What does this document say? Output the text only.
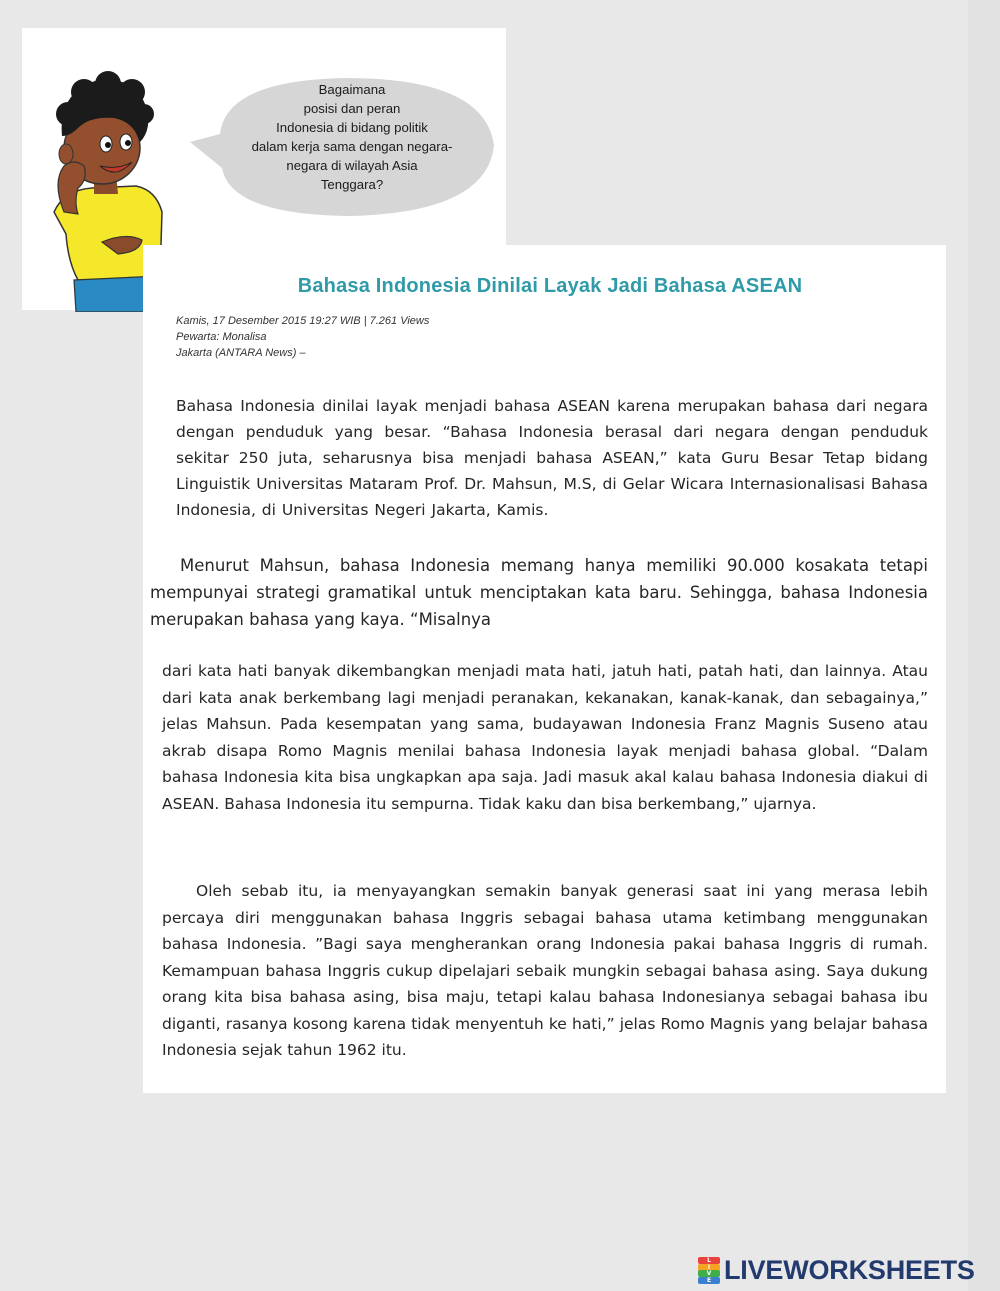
Bagaimana
posisi dan peran
Indonesia di bidang politik
dalam kerja sama dengan negara-
negara di wilayah Asia
Tenggara?
Bahasa Indonesia Dinilai Layak Jadi Bahasa ASEAN
Kamis, 17 Desember 2015 19:27 WIB | 7.261 Views
Pewarta: Monalisa
Jakarta (ANTARA News) –
Bahasa Indonesia dinilai layak menjadi bahasa ASEAN karena merupakan bahasa dari negara dengan penduduk yang besar. “Bahasa Indonesia berasal dari negara dengan penduduk sekitar 250 juta, seharusnya bisa menjadi bahasa ASEAN,” kata Guru Besar Tetap bidang Linguistik Universitas Mataram Prof. Dr. Mahsun, M.S, di Gelar Wicara Internasionalisasi Bahasa Indonesia, di Universitas Negeri Jakarta, Kamis.
Menurut Mahsun, bahasa Indonesia memang hanya memiliki 90.000 kosakata tetapi mempunyai strategi gramatikal untuk menciptakan kata baru. Sehingga, bahasa Indonesia merupakan bahasa yang kaya. “Misalnya
dari kata hati banyak dikembangkan menjadi mata hati, jatuh hati, patah hati, dan lainnya. Atau dari kata anak berkembang lagi menjadi peranakan, kekanakan, kanak-kanak, dan sebagainya,” jelas Mahsun. Pada kesempatan yang sama, budayawan Indonesia Franz Magnis Suseno atau akrab disapa Romo Magnis menilai bahasa Indonesia layak menjadi bahasa global. “Dalam bahasa Indonesia kita bisa ungkapkan apa saja. Jadi masuk akal kalau bahasa Indonesia diakui di ASEAN. Bahasa Indonesia itu sempurna. Tidak kaku dan bisa berkembang,” ujarnya.
Oleh sebab itu, ia menyayangkan semakin banyak generasi saat ini yang merasa lebih percaya diri menggunakan bahasa Inggris sebagai bahasa utama ketimbang menggunakan bahasa Indonesia. ”Bagi saya mengherankan orang Indonesia pakai bahasa Inggris di rumah. Kemampuan bahasa Inggris cukup dipelajari sebaik mungkin sebagai bahasa asing. Saya dukung orang kita bisa bahasa asing, bisa maju, tetapi kalau bahasa Indonesianya sebagai bahasa ibu diganti, rasanya kosong karena tidak menyentuh ke hati,” jelas Romo Magnis yang belajar bahasa Indonesia sejak tahun 1962 itu.
L
I
V
E LIVEWORKSHEETS
